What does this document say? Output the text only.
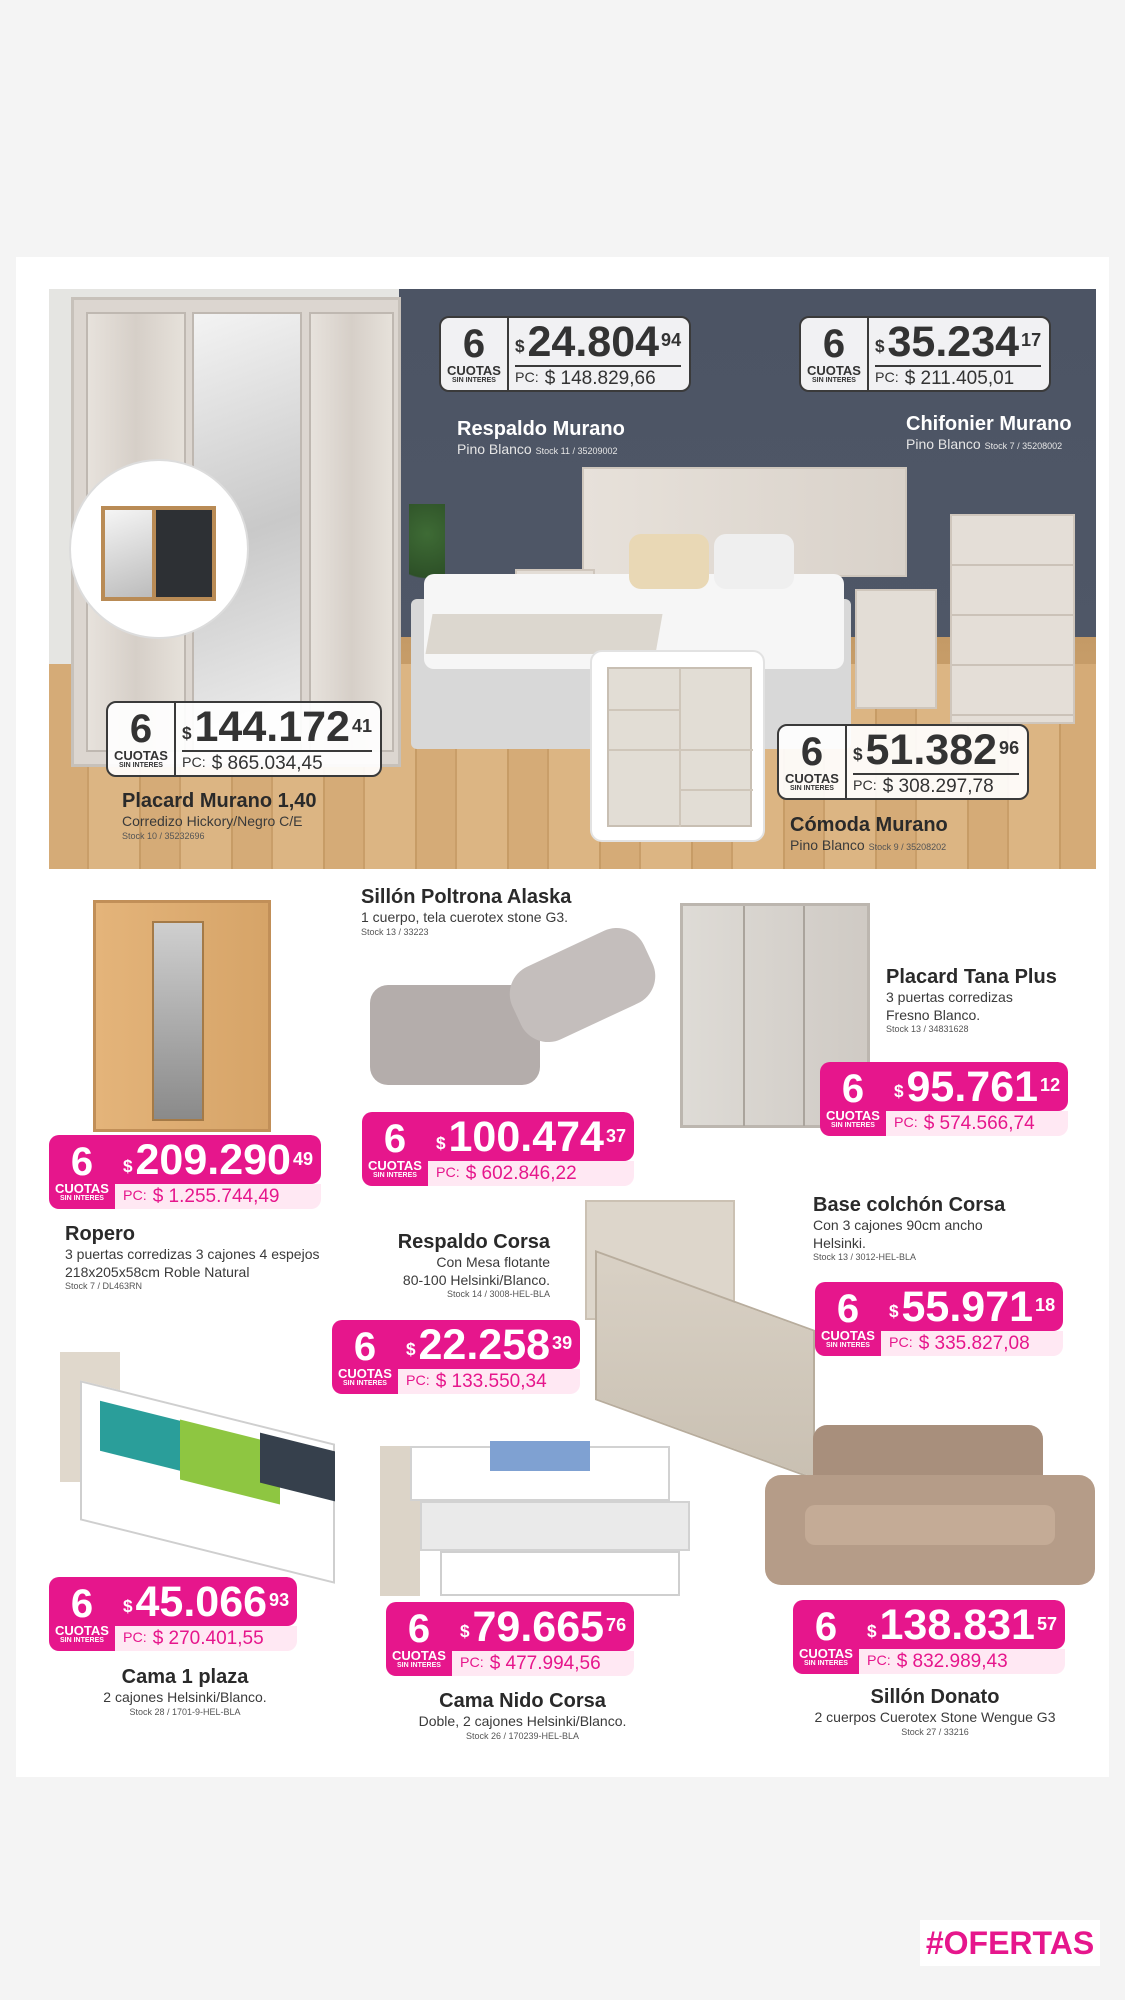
6
CUOTAS
SIN INTERES
$ 24.804 94
PC: $ 148.829,66
Respaldo Murano
Pino Blanco Stock 11 / 35209002
6
CUOTAS
SIN INTERES
$ 35.234 17
PC: $ 211.405,01
Chifonier Murano
Pino Blanco Stock 7 / 35208002
6
CUOTAS
SIN INTERES
$ 144.172 41
PC: $ 865.034,45
Placard Murano 1,40
Corredizo Hickory/Negro C/E
Stock 10 / 35232696
6
CUOTAS
SIN INTERES
$ 51.382 96
PC: $ 308.297,78
Cómoda Murano
Pino Blanco Stock 9 / 35208202
Sillón Poltrona Alaska
1 cuerpo, tela cuerotex stone G3.
Stock 13 / 33223
Placard Tana Plus
3 puertas corredizas
Fresno Blanco.
Stock 13 / 34831628
6
CUOTAS
SIN INTERES
$ 95.761 12
PC: $ 574.566,74
6
CUOTAS
SIN INTERES
$ 100.474 37
PC: $ 602.846,22
6
CUOTAS
SIN INTERES
$ 209.290 49
PC: $ 1.255.744,49
Ropero
3 puertas corredizas 3 cajones 4 espejos
218x205x58cm Roble Natural
Stock 7 / DL463RN
Respaldo Corsa
Con Mesa flotante
80-100 Helsinki/Blanco.
Stock 14 / 3008-HEL-BLA
6
CUOTAS
SIN INTERES
$ 22.258 39
PC: $ 133.550,34
Base colchón Corsa
Con 3 cajones 90cm ancho
Helsinki.
Stock 13 / 3012-HEL-BLA
6
CUOTAS
SIN INTERES
$ 55.971 18
PC: $ 335.827,08
6
CUOTAS
SIN INTERES
$ 45.066 93
PC: $ 270.401,55
Cama 1 plaza
2 cajones Helsinki/Blanco.
Stock 28 / 1701-9-HEL-BLA
6
CUOTAS
SIN INTERES
$ 79.665 76
PC: $ 477.994,56
Cama Nido Corsa
Doble, 2 cajones Helsinki/Blanco.
Stock 26 / 170239-HEL-BLA
6
CUOTAS
SIN INTERES
$ 138.831 57
PC: $ 832.989,43
Sillón Donato
2 cuerpos Cuerotex Stone Wengue G3
Stock 27 / 33216
#OFERTAS
